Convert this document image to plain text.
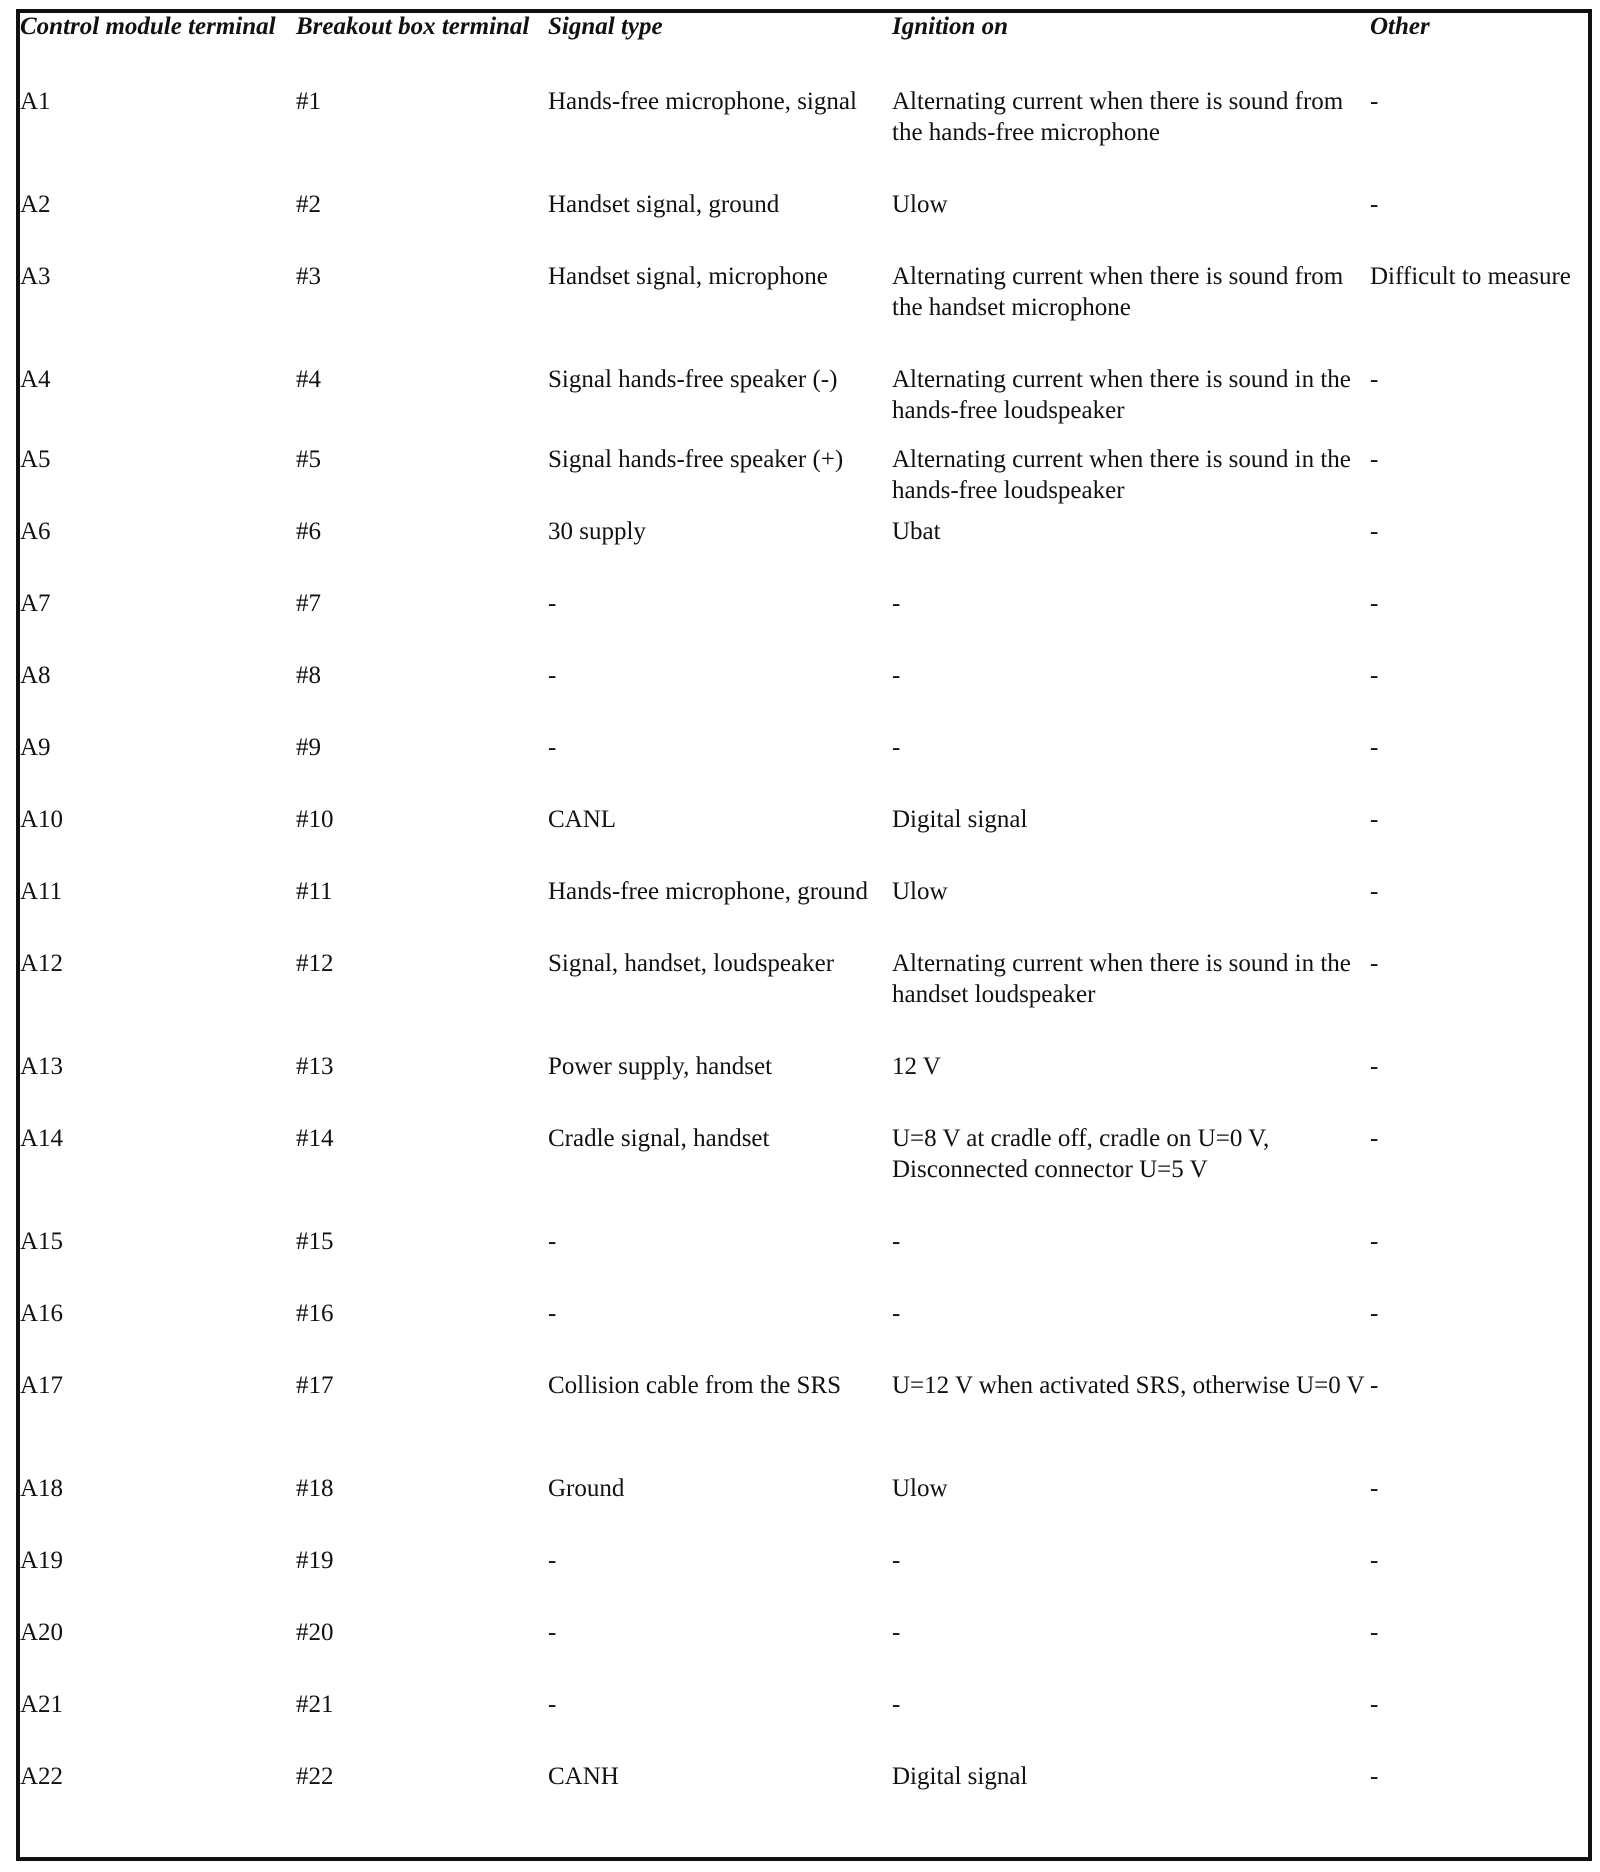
Control module terminal	Breakout box terminal	Signal type	Ignition on	Other
A1	#1	Hands-free microphone, signal	Alternating current when there is sound from the hands-free microphone	-
A2	#2	Handset signal, ground	Ulow	-
A3	#3	Handset signal, microphone	Alternating current when there is sound from the handset microphone	Difficult to measure
A4	#4	Signal hands-free speaker (-)	Alternating current when there is sound in the hands-free loudspeaker	-
A5	#5	Signal hands-free speaker (+)	Alternating current when there is sound in the hands-free loudspeaker	-
A6	#6	30 supply	Ubat	-
A7	#7	-	-	-
A8	#8	-	-	-
A9	#9	-	-	-
A10	#10	CANL	Digital signal	-
A11	#11	Hands-free microphone, ground	Ulow	-
A12	#12	Signal, handset, loudspeaker	Alternating current when there is sound in the handset loudspeaker	-
A13	#13	Power supply, handset	12 V	-
A14	#14	Cradle signal, handset	U=8 V at cradle off, cradle on U=0 V, Disconnected connector U=5 V	-
A15	#15	-	-	-
A16	#16	-	-	-
A17	#17	Collision cable from the SRS	U=12 V when activated SRS, otherwise U=0 V	-
A18	#18	Ground	Ulow	-
A19	#19	-	-	-
A20	#20	-	-	-
A21	#21	-	-	-
A22	#22	CANH	Digital signal	-
